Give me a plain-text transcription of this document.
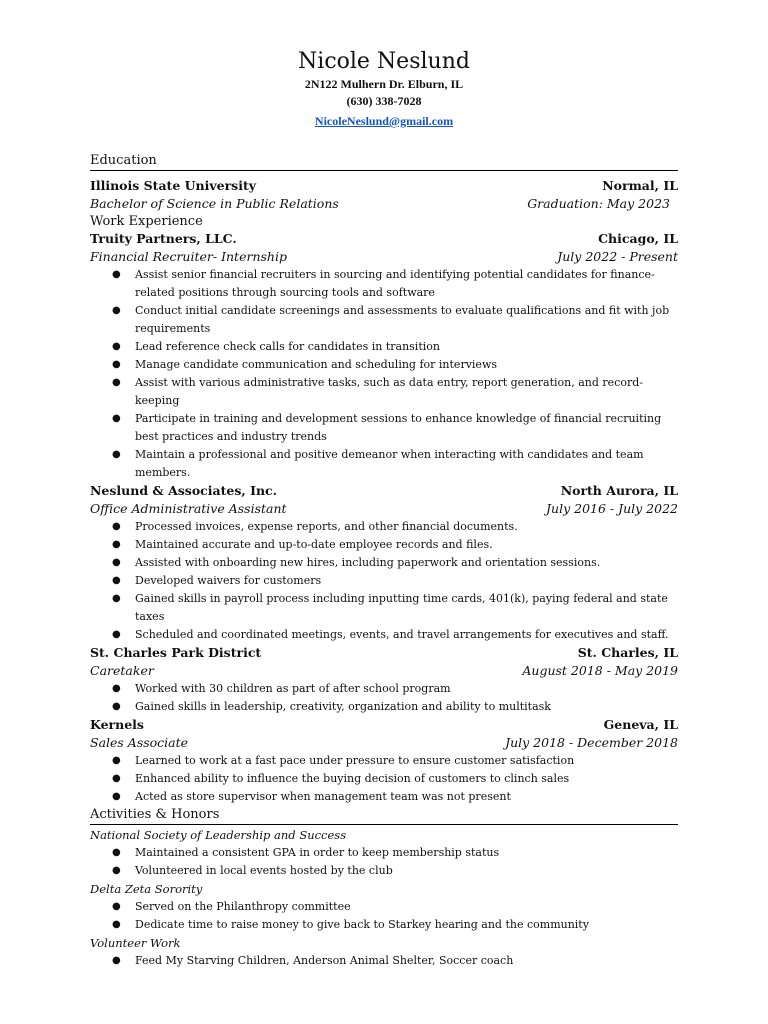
Nicole Neslund
2N122 Mulhern Dr. Elburn, IL
(630) 338-7028
NicoleNeslund@gmail.com
Education
Illinois State University	Normal, IL
Bachelor of Science in Public Relations	Graduation: May 2023
Work Experience
Truity Partners, LLC.	Chicago, IL
Financial Recruiter- Internship	July 2022 - Present
● Assist senior financial recruiters in sourcing and identifying potential candidates for finance-related positions through sourcing tools and software
● Conduct initial candidate screenings and assessments to evaluate qualifications and fit with job requirements
● Lead reference check calls for candidates in transition
● Manage candidate communication and scheduling for interviews
● Assist with various administrative tasks, such as data entry, report generation, and record-keeping
● Participate in training and development sessions to enhance knowledge of financial recruiting best practices and industry trends
● Maintain a professional and positive demeanor when interacting with candidates and team members.
Neslund & Associates, Inc.	North Aurora, IL
Office Administrative Assistant	July 2016 - July 2022
● Processed invoices, expense reports, and other financial documents.
● Maintained accurate and up-to-date employee records and files.
● Assisted with onboarding new hires, including paperwork and orientation sessions.
● Developed waivers for customers
● Gained skills in payroll process including inputting time cards, 401(k), paying federal and state taxes
● Scheduled and coordinated meetings, events, and travel arrangements for executives and staff.
St. Charles Park District	St. Charles, IL
Caretaker	August 2018 - May 2019
● Worked with 30 children as part of after school program
● Gained skills in leadership, creativity, organization and ability to multitask
Kernels	Geneva, IL
Sales Associate	July 2018 - December 2018
● Learned to work at a fast pace under pressure to ensure customer satisfaction
● Enhanced ability to influence the buying decision of customers to clinch sales
● Acted as store supervisor when management team was not present
Activities & Honors
National Society of Leadership and Success
● Maintained a consistent GPA in order to keep membership status
● Volunteered in local events hosted by the club
Delta Zeta Sorority
● Served on the Philanthropy committee
● Dedicate time to raise money to give back to Starkey hearing and the community
Volunteer Work
● Feed My Starving Children, Anderson Animal Shelter, Soccer coach
